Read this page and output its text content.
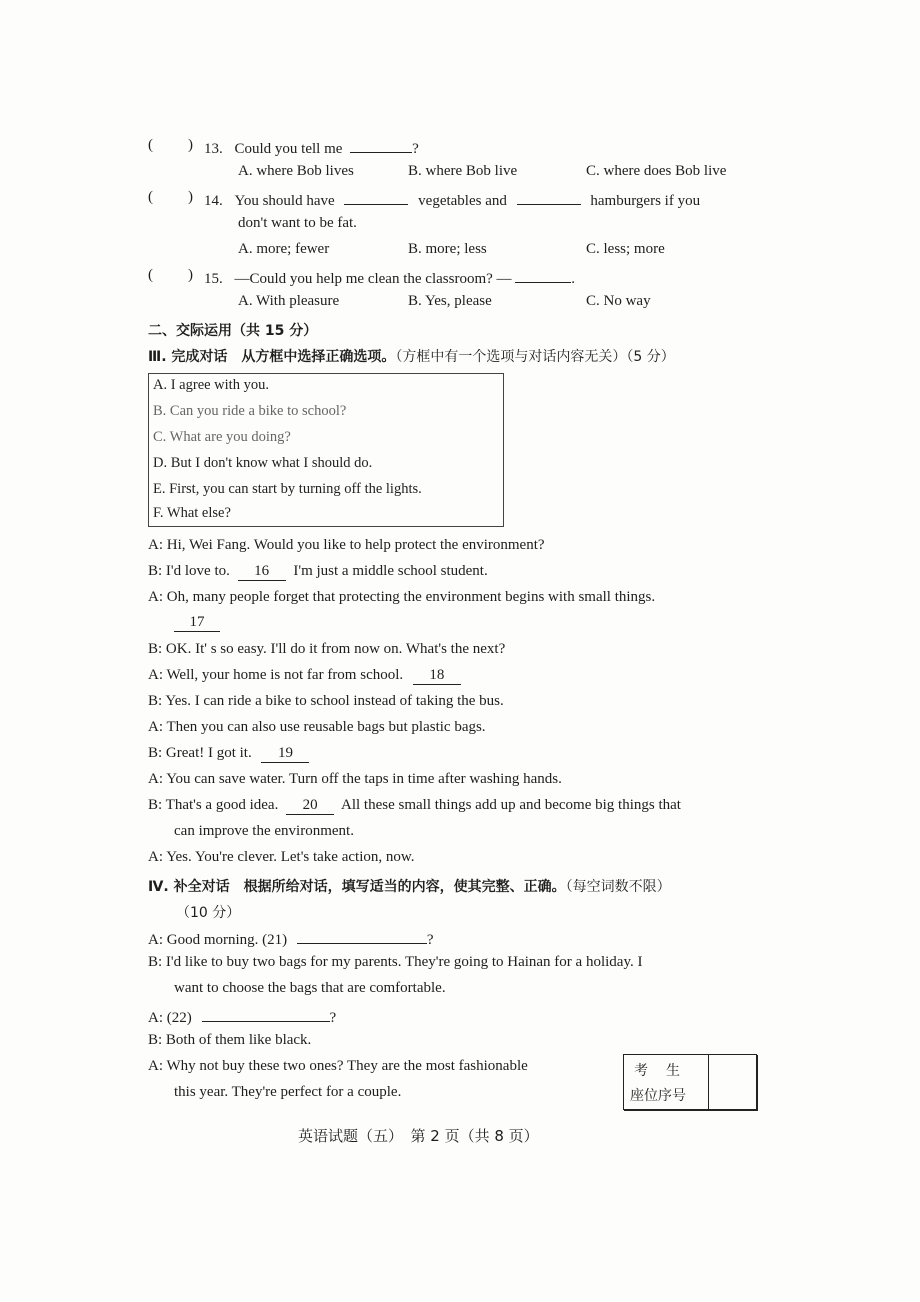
( ) 13. Could you tell me	?
A. where Bob lives	B. where Bob live	C. where does Bob live
( ) 14. You should have	vegetables and	hamburgers if you
don't want to be fat.
A. more; fewer	B. more; less	C. less; more
( ) 15. —Could you help me clean the classroom? —	.
A. With pleasure	B. Yes, please	C. No way
二、交际运用（共 15 分）
Ⅲ. 完成对话　从方框中选择正确选项。（方框中有一个选项与对话内容无关）（5 分）
A. I agree with you.
B. Can you ride a bike to school?
C. What are you doing?
D. But I don't know what I should do.
E. First, you can start by turning off the lights.
F. What else?
A: Hi, Wei Fang. Would you like to help protect the environment?
B: I'd love to. 16 I'm just a middle school student.
A: Oh, many people forget that protecting the environment begins with small things.
17
B: OK. It' s so easy. I'll do it from now on. What's the next?
A: Well, your home is not far from school. 18
B: Yes. I can ride a bike to school instead of taking the bus.
A: Then you can also use reusable bags but plastic bags.
B: Great! I got it. 19
A: You can save water. Turn off the taps in time after washing hands.
B: That's a good idea. 20 All these small things add up and become big things that
can improve the environment.
A: Yes. You're clever. Let's take action, now.
Ⅳ. 补全对话　根据所给对话，填写适当的内容，使其完整、正确。（每空词数不限）
（10 分）
A: Good morning. (21)	?
B: I'd like to buy two bags for my parents. They're going to Hainan for a holiday. I
want to choose the bags that are comfortable.
A: (22)	?
B: Both of them like black.
A: Why not buy these two ones? They are the most fashionable
this year. They're perfect for a couple.
考生
座位序号
英语试题（五）　第 2 页（共 8 页）
